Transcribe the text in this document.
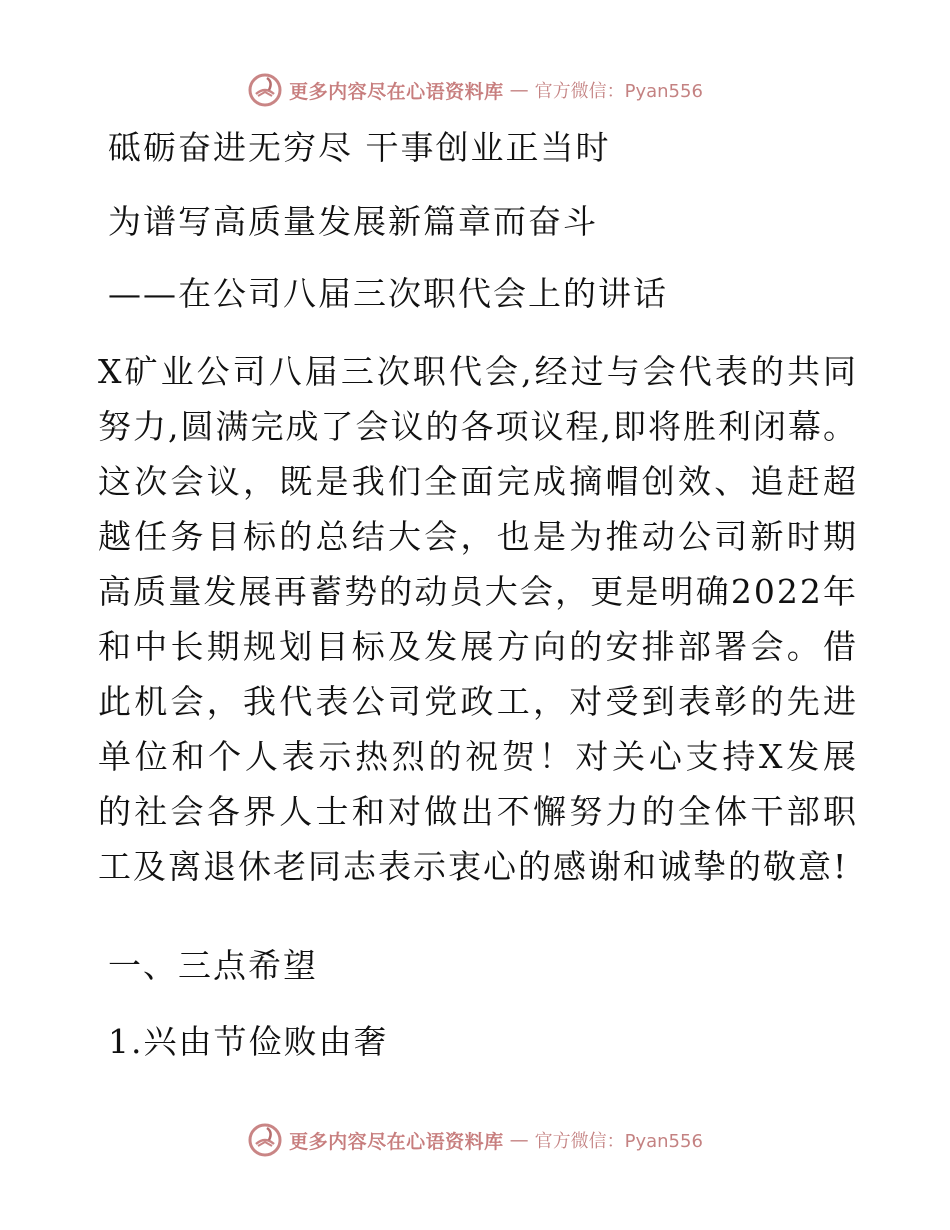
更多内容尽在心语资料库 — 官方微信：Pyan556
砥砺奋进无穷尽 干事创业正当时
为谱写高质量发展新篇章而奋斗
——在公司八届三次职代会上的讲话
X矿业公司八届三次职代会,经过与会代表的共同努力,圆满完成了会议的各项议程,即将胜利闭幕。这次会议，既是我们全面完成摘帽创效、追赶超越任务目标的总结大会，也是为推动公司新时期高质量发展再蓄势的动员大会，更是明确2022年和中长期规划目标及发展方向的安排部署会。借此机会，我代表公司党政工，对受到表彰的先进单位和个人表示热烈的祝贺！对关心支持X发展的社会各界人士和对做出不懈努力的全体干部职工及离退休老同志表示衷心的感谢和诚挚的敬意!
一、三点希望
1.兴由节俭败由奢
更多内容尽在心语资料库 — 官方微信：Pyan556
